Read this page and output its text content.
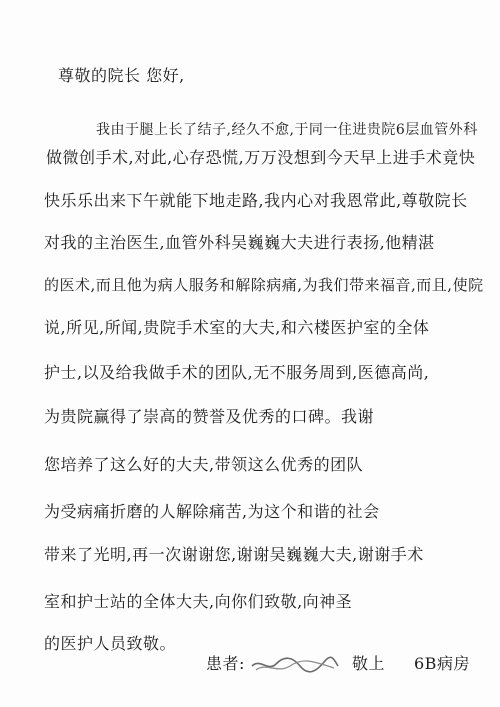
尊敬的院长 您好,
我由于腿上长了结子,经久不愈,于同一住进贵院6层血管外科
做微创手术,对此,心存恐慌,万万没想到今天早上进手术竟快
快乐乐出来下午就能下地走路,我内心对我恩常此,尊敬院长
对我的主治医生,血管外科吴巍巍大夫进行表扬,他精湛
的医术,而且他为病人服务和解除病痛,为我们带来福音,而且,使院
说,所见,所闻,贵院手术室的大夫,和六楼医护室的全体
护士,以及给我做手术的团队,无不服务周到,医德高尚,
为贵院赢得了崇高的赞誉及优秀的口碑。我谢
您培养了这么好的大夫,带领这么优秀的团队
为受病痛折磨的人解除痛苦,为这个和谐的社会
带来了光明,再一次谢谢您,谢谢吴巍巍大夫,谢谢手术
室和护士站的全体大夫,向你们致敬,向神圣
的医护人员致敬。
患者:	敬上 6B病房
